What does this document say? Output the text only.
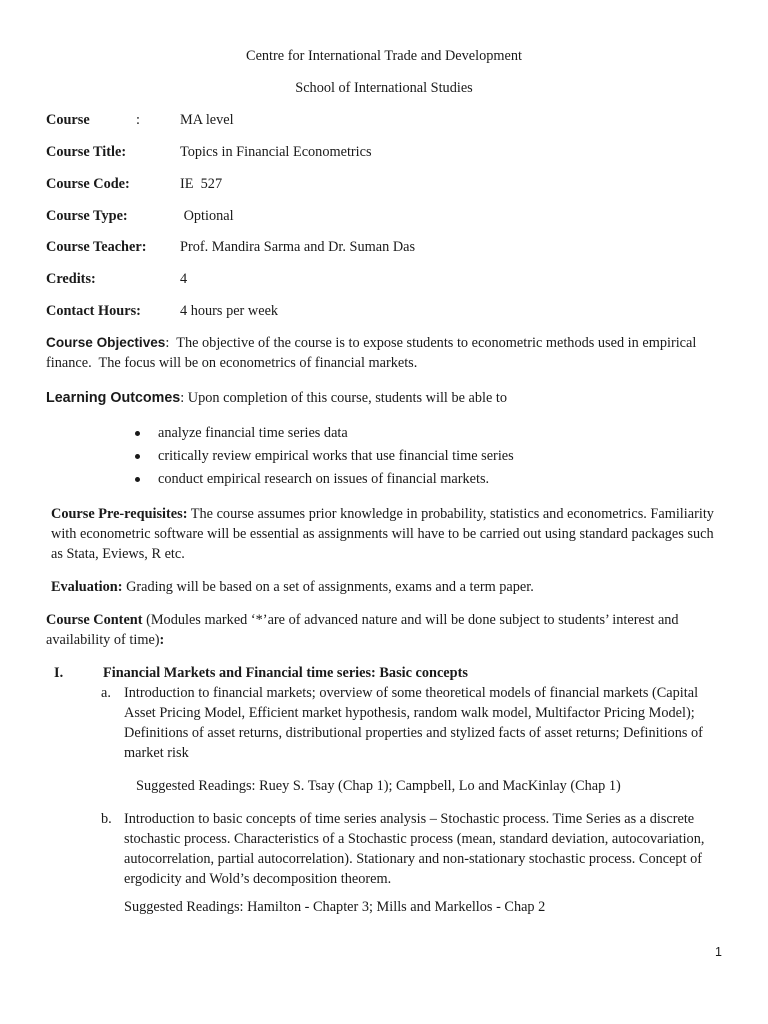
Centre for International Trade and Development
School of International Studies
Course	:	MA level
Course Title:	Topics in Financial Econometrics
Course Code:	IE  527
Course Type:	Optional
Course Teacher: Prof. Mandira Sarma and Dr. Suman Das
Credits:	4
Contact Hours:	4 hours per week
Course Objectives:  The objective of the course is to expose students to econometric methods used in empirical finance.  The focus will be on econometrics of financial markets.
Learning Outcomes: Upon completion of this course, students will be able to
analyze financial time series data
critically review empirical works that use financial time series
conduct empirical research on issues of financial markets.
Course Pre-requisites: The course assumes prior knowledge in probability, statistics and econometrics. Familiarity with econometric software will be essential as assignments will have to be carried out using standard packages such as Stata, Eviews, R etc.
Evaluation: Grading will be based on a set of assignments, exams and a term paper.
Course Content (Modules marked ‘*’are of advanced nature and will be done subject to students’ interest and availability of time):
I.	Financial Markets and Financial time series: Basic concepts
a. Introduction to financial markets; overview of some theoretical models of financial markets (Capital Asset Pricing Model, Efficient market hypothesis, random walk model, Multifactor Pricing Model); Definitions of asset returns, distributional properties and stylized facts of asset returns; Definitions of market risk
Suggested Readings: Ruey S. Tsay (Chap 1); Campbell, Lo and MacKinlay (Chap 1)
b. Introduction to basic concepts of time series analysis – Stochastic process. Time Series as a discrete stochastic process. Characteristics of a Stochastic process (mean, standard deviation, autocovariation, autocorrelation, partial autocorrelation). Stationary and non-stationary stochastic process. Concept of ergodicity and Wold’s decomposition theorem.
Suggested Readings: Hamilton - Chapter 3; Mills and Markellos - Chap 2
1
